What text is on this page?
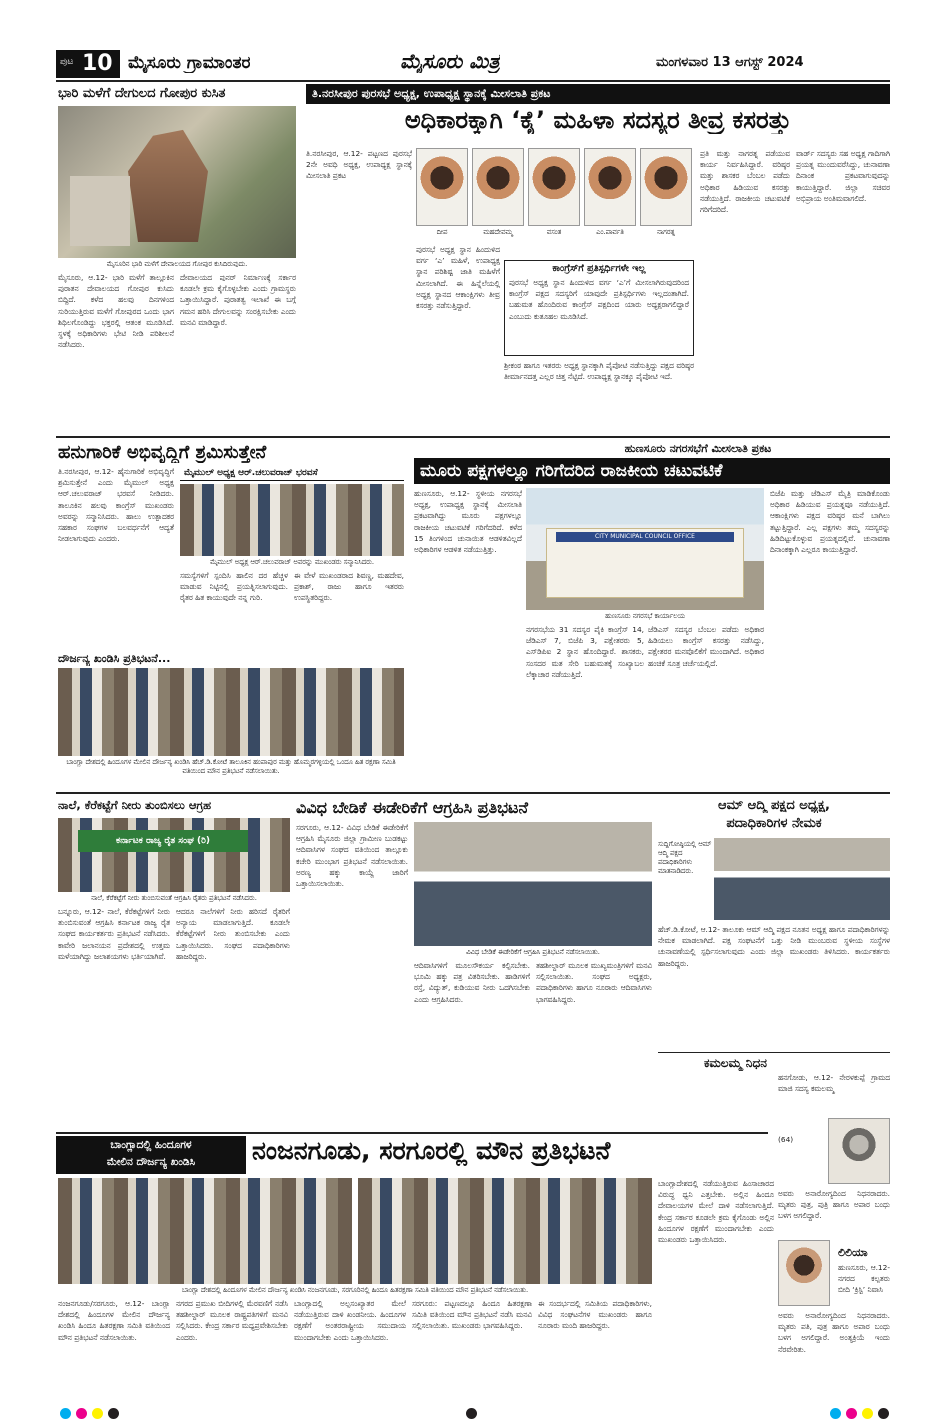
ಪುಟ 10 ಮೈಸೂರು ಗ್ರಾಮಾಂತರ	ಮೈಸೂರು ಮಿತ್ರ	ಮಂಗಳವಾರ 13 ಆಗಸ್ಟ್ 2024
ಭಾರಿ ಮಳೆಗೆ ದೇಗುಲದ ಗೋಪುರ ಕುಸಿತ
ಮೈಸೂರಿನ ಭಾರಿ ಮಳೆಗೆ ದೇವಾಲಯದ ಗೋಪುರ ಕುಸಿದಿರುವುದು.
ಮೈಸೂರು, ಆ.12- ಭಾರಿ ಮಳೆಗೆ ತಾಲ್ಲೂಕಿನ ಪುರಾತನ ದೇವಾಲಯದ ಗೋಪುರ ಕುಸಿದು ಬಿದ್ದಿದೆ. ಕಳೆದ ಹಲವು ದಿನಗಳಿಂದ ಸುರಿಯುತ್ತಿರುವ ಮಳೆಗೆ ಗೋಪುರದ ಒಂದು ಭಾಗ ಶಿಥಿಲಗೊಂಡಿದ್ದು ಭಕ್ತರಲ್ಲಿ ಆತಂಕ ಮೂಡಿಸಿದೆ. ಸ್ಥಳಕ್ಕೆ ಅಧಿಕಾರಿಗಳು ಭೇಟಿ ನೀಡಿ ಪರಿಶೀಲನೆ ನಡೆಸಿದರು.
ದೇವಾಲಯದ ಪುನರ್ ನಿರ್ಮಾಣಕ್ಕೆ ಸರ್ಕಾರ ಕೂಡಲೇ ಕ್ರಮ ಕೈಗೊಳ್ಳಬೇಕು ಎಂದು ಗ್ರಾಮಸ್ಥರು ಒತ್ತಾಯಿಸಿದ್ದಾರೆ. ಪುರಾತತ್ವ ಇಲಾಖೆ ಈ ಬಗ್ಗೆ ಗಮನ ಹರಿಸಿ ದೇಗುಲವನ್ನು ಸಂರಕ್ಷಿಸಬೇಕು ಎಂದು ಮನವಿ ಮಾಡಿದ್ದಾರೆ.
ತಿ.ನರಸೀಪುರ ಪುರಸಭೆ ಅಧ್ಯಕ್ಷ, ಉಪಾಧ್ಯಕ್ಷ ಸ್ಥಾನಕ್ಕೆ ಮೀಸಲಾತಿ ಪ್ರಕಟ
ಅಧಿಕಾರಕ್ಕಾಗಿ ‘ಕೈ’ ಮಹಿಳಾ ಸದಸ್ಯರ ತೀವ್ರ ಕಸರತ್ತು
ತಿ.ನರಸೀಪುರ, ಆ.12- ಪಟ್ಟಣದ ಪುರಸಭೆ 2ನೇ ಅವಧಿ ಅಧ್ಯಕ್ಷ, ಉಪಾಧ್ಯಕ್ಷ ಸ್ಥಾನಕ್ಕೆ ಮೀಸಲಾತಿ ಪ್ರಕಟ
ದೀಪ	ಮಹದೇವಮ್ಮ	ವಸಂತ	ಎಂ.ಪಾರ್ವತಿ	ನಾಗರತ್ನ
ಪುರಸಭೆ ಅಧ್ಯಕ್ಷ ಸ್ಥಾನ ಹಿಂದುಳಿದ ವರ್ಗ ‘ಎ’ ಮಹಿಳೆ, ಉಪಾಧ್ಯಕ್ಷ ಸ್ಥಾನ ಪರಿಶಿಷ್ಟ ಜಾತಿ ಮಹಿಳೆಗೆ ಮೀಸಲಾಗಿದೆ. ಈ ಹಿನ್ನೆಲೆಯಲ್ಲಿ ಅಧ್ಯಕ್ಷ ಸ್ಥಾನದ ಆಕಾಂಕ್ಷಿಗಳು ತೀವ್ರ ಕಸರತ್ತು ನಡೆಸುತ್ತಿದ್ದಾರೆ.
ಕಾಂಗ್ರೆಸ್‌ಗೆ ಪ್ರತಿಸ್ಪರ್ಧಿಗಳೇ ಇಲ್ಲ
ಪುರಸಭೆ ಅಧ್ಯಕ್ಷ ಸ್ಥಾನ ಹಿಂದುಳಿದ ವರ್ಗ ‘ಎ’ಗೆ ಮೀಸಲಾಗಿರುವುದರಿಂದ ಕಾಂಗ್ರೆಸ್ ಪಕ್ಷದ ಸದಸ್ಯರಿಗೆ ಯಾವುದೇ ಪ್ರತಿಸ್ಪರ್ಧಿಗಳು ಇಲ್ಲದಂತಾಗಿದೆ. ಬಹುಮತ ಹೊಂದಿರುವ ಕಾಂಗ್ರೆಸ್ ಪಕ್ಷದಿಂದ ಯಾರು ಅಧ್ಯಕ್ಷರಾಗಲಿದ್ದಾರೆ ಎಂಬುದು ಕುತೂಹಲ ಮೂಡಿಸಿದೆ.
ಶ್ರೀಕಂಠ ಹಾಗೂ ಇತರರು ಅಧ್ಯಕ್ಷ ಸ್ಥಾನಕ್ಕಾಗಿ ಪೈಪೋಟಿ ನಡೆಸುತ್ತಿದ್ದು ಪಕ್ಷದ ವರಿಷ್ಠರ ತೀರ್ಮಾನದತ್ತ ಎಲ್ಲರ ಚಿತ್ತ ನೆಟ್ಟಿದೆ. ಉಪಾಧ್ಯಕ್ಷ ಸ್ಥಾನಕ್ಕೂ ಪೈಪೋಟಿ ಇದೆ.
ಪ್ರತಿ ಮತ್ತು ನಾಗರತ್ನ ಪಡೆಯುವ ಕಾರ್ಯ ನಿರ್ವಹಿಸಿದ್ದಾರೆ. ವರಿಷ್ಠರ ಮತ್ತು ಶಾಸಕರ ಬೆಂಬಲ ಪಡೆದು ಅಧಿಕಾರ ಹಿಡಿಯುವ ಕಸರತ್ತು ನಡೆಯುತ್ತಿದೆ. ರಾಜಕೀಯ ಚಟುವಟಿಕೆ ಗರಿಗೆದರಿದೆ.
ವಾರ್ಡ್ ಸದಸ್ಯರು ಸಹ ಅಧ್ಯಕ್ಷ ಗಾದಿಗಾಗಿ ಪ್ರಯತ್ನ ಮುಂದುವರೆಸಿದ್ದು, ಚುನಾವಣಾ ದಿನಾಂಕ ಪ್ರಕಟವಾಗುವುದನ್ನು ಕಾಯುತ್ತಿದ್ದಾರೆ. ಜಿಲ್ಲಾ ಸಚಿವರ ಅಭಿಪ್ರಾಯ ಅಂತಿಮವಾಗಲಿದೆ.
ಹನುಗಾರಿಕೆ ಅಭಿವೃದ್ಧಿಗೆ ಶ್ರಮಿಸುತ್ತೇನೆ
ತಿ.ನರಸೀಪುರ, ಆ.12- ಹೈನುಗಾರಿಕೆ ಅಭಿವೃದ್ಧಿಗೆ ಶ್ರಮಿಸುತ್ತೇನೆ ಎಂದು ಮೈಮುಲ್ ಅಧ್ಯಕ್ಷ ಆರ್.ಚಲುವರಾಜ್ ಭರವಸೆ ನೀಡಿದರು. ತಾಲೂಕಿನ ಹಲವು ಕಾಂಗ್ರೆಸ್ ಮುಖಂಡರು ಅವರನ್ನು ಸನ್ಮಾನಿಸಿದರು. ಹಾಲು ಉತ್ಪಾದಕರ ಸಹಕಾರ ಸಂಘಗಳ ಬಲವರ್ಧನೆಗೆ ಆದ್ಯತೆ ನೀಡಲಾಗುವುದು ಎಂದರು.
ಮೈಮುಲ್ ಅಧ್ಯಕ್ಷ ಆರ್.ಚಲುವರಾಜ್ ಭರವಸೆ
ಮೈಮುಲ್ ಅಧ್ಯಕ್ಷ ಆರ್.ಚಲುವರಾಜ್ ಅವರನ್ನು ಮುಖಂಡರು ಸನ್ಮಾನಿಸಿದರು.
ಸಮಸ್ಯೆಗಳಿಗೆ ಸ್ಪಂದಿಸಿ ಹಾಲಿನ ದರ ಹೆಚ್ಚಳ ಮಾಡುವ ನಿಟ್ಟಿನಲ್ಲಿ ಪ್ರಯತ್ನಿಸಲಾಗುವುದು. ರೈತರ ಹಿತ ಕಾಯುವುದೇ ನನ್ನ ಗುರಿ.
ಈ ವೇಳೆ ಮುಖಂಡರಾದ ಶಿವಣ್ಣ, ಮಹದೇವ, ಪ್ರಕಾಶ್, ರಾಜು ಹಾಗೂ ಇತರರು ಉಪಸ್ಥಿತರಿದ್ದರು.
ದೌರ್ಜನ್ಯ ಖಂಡಿಸಿ ಪ್ರತಿಭಟನೆ...
ಬಾಂಗ್ಲಾ ದೇಶದಲ್ಲಿ ಹಿಂದೂಗಳ ಮೇಲಿನ ದೌರ್ಜನ್ಯ ಖಂಡಿಸಿ ಹೆಚ್.ಡಿ.ಕೋಟೆ ತಾಲೂಕಿನ ಹಂಪಾಪುರ ಮತ್ತು ಹೊಮ್ಮರಗಳ್ಳಿಯಲ್ಲಿ ಒಂದೂ ಹಿತ ರಕ್ಷಣಾ ಸಮಿತಿ ವತಿಯಿಂದ ಮೌನ ಪ್ರತಿಭಟನೆ ನಡೆಸಲಾಯಿತು.
ಹುಣಸೂರು ನಗರಸಭೆಗೆ ಮೀಸಲಾತಿ ಪ್ರಕಟ
ಮೂರು ಪಕ್ಷಗಳಲ್ಲೂ ಗರಿಗೆದರಿದ ರಾಜಕೀಯ ಚಟುವಟಿಕೆ
ಹುಣಸೂರು, ಆ.12- ಸ್ಥಳೀಯ ನಗರಸಭೆ ಅಧ್ಯಕ್ಷ, ಉಪಾಧ್ಯಕ್ಷ ಸ್ಥಾನಕ್ಕೆ ಮೀಸಲಾತಿ ಪ್ರಕಟವಾಗಿದ್ದು ಮೂರು ಪಕ್ಷಗಳಲ್ಲೂ ರಾಜಕೀಯ ಚಟುವಟಿಕೆ ಗರಿಗೆದರಿದೆ. ಕಳೆದ 15 ತಿಂಗಳಿಂದ ಚುನಾಯಿತ ಆಡಳಿತವಿಲ್ಲದೆ ಅಧಿಕಾರಿಗಳ ಆಡಳಿತ ನಡೆಯುತ್ತಿತ್ತು.
CITY MUNICIPAL COUNCIL OFFICE
ಹುಣಸೂರು ನಗರಸಭೆ ಕಾರ್ಯಾಲಯ
ನಗರಸಭೆಯ 31 ಸದಸ್ಯರ ಪೈಕಿ ಕಾಂಗ್ರೆಸ್ 14, ಜೆಡಿಎಸ್ 7, ಬಿಜೆಪಿ 3, ಪಕ್ಷೇತರರು 5, ಎಸ್‌ಡಿಪಿಐ 2 ಸ್ಥಾನ ಹೊಂದಿದ್ದಾರೆ. ಶಾಸಕರು, ಸಂಸದರ ಮತ ಸೇರಿ ಬಹುಮತಕ್ಕೆ ಸಂಖ್ಯಾಬಲ ಲೆಕ್ಕಾಚಾರ ನಡೆಯುತ್ತಿದೆ.
ಜೆಡಿಎಸ್ ಸದಸ್ಯರ ಬೆಂಬಲ ಪಡೆದು ಅಧಿಕಾರ ಹಿಡಿಯಲು ಕಾಂಗ್ರೆಸ್ ಕಸರತ್ತು ನಡೆಸಿದ್ದು, ಪಕ್ಷೇತರರ ಮನವೊಲಿಕೆಗೆ ಮುಂದಾಗಿದೆ. ಅಧಿಕಾರ ಹಂಚಿಕೆ ಸೂತ್ರ ಚರ್ಚೆಯಲ್ಲಿದೆ.
ಬಿಜೆಪಿ ಮತ್ತು ಜೆಡಿಎಸ್ ಮೈತ್ರಿ ಮಾಡಿಕೊಂಡು ಅಧಿಕಾರ ಹಿಡಿಯುವ ಪ್ರಯತ್ನವೂ ನಡೆಯುತ್ತಿದೆ. ಆಕಾಂಕ್ಷಿಗಳು ಪಕ್ಷದ ವರಿಷ್ಠರ ಮನೆ ಬಾಗಿಲು ತಟ್ಟುತ್ತಿದ್ದಾರೆ. ಎಲ್ಲ ಪಕ್ಷಗಳು ತಮ್ಮ ಸದಸ್ಯರನ್ನು ಹಿಡಿದಿಟ್ಟುಕೊಳ್ಳುವ ಪ್ರಯತ್ನದಲ್ಲಿವೆ. ಚುನಾವಣಾ ದಿನಾಂಕಕ್ಕಾಗಿ ಎಲ್ಲರೂ ಕಾಯುತ್ತಿದ್ದಾರೆ.
ನಾಲೆ, ಕೆರೆಕಟ್ಟೆಗೆ ನೀರು ತುಂಬಿಸಲು ಆಗ್ರಹ
ಕರ್ನಾಟಕ ರಾಜ್ಯ ರೈತ ಸಂಘ (ರಿ)
ನಾಲೆ, ಕೆರೆಕಟ್ಟೆಗೆ ನೀರು ತುಂಬಿಸುವಂತೆ ಆಗ್ರಹಿಸಿ ರೈತರು ಪ್ರತಿಭಟನೆ ನಡೆಸಿದರು.
ಬನ್ನೂರು, ಆ.12- ನಾಲೆ, ಕೆರೆಕಟ್ಟೆಗಳಿಗೆ ನೀರು ತುಂಬಿಸುವಂತೆ ಆಗ್ರಹಿಸಿ ಕರ್ನಾಟಕ ರಾಜ್ಯ ರೈತ ಸಂಘದ ಕಾರ್ಯಕರ್ತರು ಪ್ರತಿಭಟನೆ ನಡೆಸಿದರು. ಕಾವೇರಿ ಜಲಾನಯನ ಪ್ರದೇಶದಲ್ಲಿ ಉತ್ತಮ ಮಳೆಯಾಗಿದ್ದು ಜಲಾಶಯಗಳು ಭರ್ತಿಯಾಗಿವೆ.
ಆದರೂ ನಾಲೆಗಳಿಗೆ ನೀರು ಹರಿಸದೆ ರೈತರಿಗೆ ಅನ್ಯಾಯ ಮಾಡಲಾಗುತ್ತಿದೆ. ಕೂಡಲೇ ಕೆರೆಕಟ್ಟೆಗಳಿಗೆ ನೀರು ತುಂಬಿಸಬೇಕು ಎಂದು ಒತ್ತಾಯಿಸಿದರು. ಸಂಘದ ಪದಾಧಿಕಾರಿಗಳು ಹಾಜರಿದ್ದರು.
ವಿವಿಧ ಬೇಡಿಕೆ ಈಡೇರಿಕೆಗೆ ಆಗ್ರಹಿಸಿ ಪ್ರತಿಭಟನೆ
ಸರಗೂರು, ಆ.12- ವಿವಿಧ ಬೇಡಿಕೆ ಈಡೇರಿಕೆಗೆ ಆಗ್ರಹಿಸಿ ಮೈಸೂರು ಜಿಲ್ಲಾ ಗ್ರಾಮೀಣ ಬುಡಕಟ್ಟು ಆದಿವಾಸಿಗಳ ಸಂಘದ ವತಿಯಿಂದ ತಾಲ್ಲೂಕು ಕಚೇರಿ ಮುಂಭಾಗ ಪ್ರತಿಭಟನೆ ನಡೆಸಲಾಯಿತು. ಅರಣ್ಯ ಹಕ್ಕು ಕಾಯ್ದೆ ಜಾರಿಗೆ ಒತ್ತಾಯಿಸಲಾಯಿತು.
ವಿವಿಧ ಬೇಡಿಕೆ ಈಡೇರಿಕೆಗೆ ಆಗ್ರಹಿಸಿ ಪ್ರತಿಭಟನೆ ನಡೆಸಲಾಯಿತು.
ಆದಿವಾಸಿಗಳಿಗೆ ಮೂಲಸೌಕರ್ಯ ಕಲ್ಪಿಸಬೇಕು. ಭೂಮಿ ಹಕ್ಕು ಪತ್ರ ವಿತರಿಸಬೇಕು. ಹಾಡಿಗಳಿಗೆ ರಸ್ತೆ, ವಿದ್ಯುತ್, ಕುಡಿಯುವ ನೀರು ಒದಗಿಸಬೇಕು ಎಂದು ಆಗ್ರಹಿಸಿದರು.
ತಹಶೀಲ್ದಾರ್ ಮೂಲಕ ಮುಖ್ಯಮಂತ್ರಿಗಳಿಗೆ ಮನವಿ ಸಲ್ಲಿಸಲಾಯಿತು. ಸಂಘದ ಅಧ್ಯಕ್ಷರು, ಪದಾಧಿಕಾರಿಗಳು ಹಾಗೂ ನೂರಾರು ಆದಿವಾಸಿಗಳು ಭಾಗವಹಿಸಿದ್ದರು.
ಆಮ್ ಆದ್ಮಿ ಪಕ್ಷದ ಅಧ್ಯಕ್ಷ,
ಪದಾಧಿಕಾರಿಗಳ ನೇಮಕ
ಸುದ್ದಿಗೋಷ್ಠಿಯಲ್ಲಿ ಆಮ್ ಆದ್ಮಿ ಪಕ್ಷದ ಪದಾಧಿಕಾರಿಗಳು ಮಾತನಾಡಿದರು.
ಹೆಚ್.ಡಿ.ಕೋಟೆ, ಆ.12- ತಾಲೂಕು ಆಮ್ ಆದ್ಮಿ ಪಕ್ಷದ ನೂತನ ಅಧ್ಯಕ್ಷ ಹಾಗೂ ಪದಾಧಿಕಾರಿಗಳನ್ನು ನೇಮಕ ಮಾಡಲಾಗಿದೆ. ಪಕ್ಷ ಸಂಘಟನೆಗೆ ಒತ್ತು ನೀಡಿ ಮುಂಬರುವ ಸ್ಥಳೀಯ ಸಂಸ್ಥೆಗಳ ಚುನಾವಣೆಯಲ್ಲಿ ಸ್ಪರ್ಧಿಸಲಾಗುವುದು ಎಂದು ಜಿಲ್ಲಾ ಮುಖಂಡರು ತಿಳಿಸಿದರು. ಕಾರ್ಯಕರ್ತರು ಹಾಜರಿದ್ದರು.
ಕಮಲಮ್ಮ ನಿಧನ
ಹನಗೋಡು, ಆ.12- ನೇರಳಕುಪ್ಪೆ ಗ್ರಾಮದ ಮಾಜಿ ಸದಸ್ಯ ಕಮಲಮ್ಮ
(64)
ಅವರು ಅನಾರೋಗ್ಯದಿಂದ ನಿಧನರಾದರು. ಮೃತರು ಪುತ್ರ, ಪುತ್ರಿ ಹಾಗೂ ಅಪಾರ ಬಂಧು ಬಳಗ ಅಗಲಿದ್ದಾರೆ.
ಬಾಂಗ್ಲಾದಲ್ಲಿ ಹಿಂದೂಗಳ
ಮೇಲಿನ ದೌರ್ಜನ್ಯ ಖಂಡಿಸಿ	ನಂಜನಗೂಡು, ಸರಗೂರಲ್ಲಿ ಮೌನ ಪ್ರತಿಭಟನೆ
ಬಾಂಗ್ಲಾ ದೇಶದಲ್ಲಿ ಹಿಂದೂಗಳ ಮೇಲಿನ ದೌರ್ಜನ್ಯ ಖಂಡಿಸಿ ನಂಜನಗೂಡು, ಸರಗೂರಿನಲ್ಲಿ ಹಿಂದೂ ಹಿತರಕ್ಷಣಾ ಸಮಿತಿ ವತಿಯಿಂದ ಮೌನ ಪ್ರತಿಭಟನೆ ನಡೆಸಲಾಯಿತು.
ನಂಜನಗೂಡು/ಸರಗೂರು, ಆ.12- ಬಾಂಗ್ಲಾ ದೇಶದಲ್ಲಿ ಹಿಂದೂಗಳ ಮೇಲಿನ ದೌರ್ಜನ್ಯ ಖಂಡಿಸಿ ಹಿಂದೂ ಹಿತರಕ್ಷಣಾ ಸಮಿತಿ ವತಿಯಿಂದ ಮೌನ ಪ್ರತಿಭಟನೆ ನಡೆಸಲಾಯಿತು.
ನಗರದ ಪ್ರಮುಖ ಬೀದಿಗಳಲ್ಲಿ ಮೆರವಣಿಗೆ ನಡೆಸಿ ತಹಶೀಲ್ದಾರ್ ಮೂಲಕ ರಾಷ್ಟ್ರಪತಿಗಳಿಗೆ ಮನವಿ ಸಲ್ಲಿಸಿದರು. ಕೇಂದ್ರ ಸರ್ಕಾರ ಮಧ್ಯಪ್ರವೇಶಿಸಬೇಕು ಎಂದರು.
ಬಾಂಗ್ಲಾದಲ್ಲಿ ಅಲ್ಪಸಂಖ್ಯಾತರ ಮೇಲೆ ನಡೆಯುತ್ತಿರುವ ದಾಳಿ ಖಂಡನೀಯ. ಹಿಂದೂಗಳ ರಕ್ಷಣೆಗೆ ಅಂತರರಾಷ್ಟ್ರೀಯ ಸಮುದಾಯ ಮುಂದಾಗಬೇಕು ಎಂದು ಒತ್ತಾಯಿಸಿದರು.
ಸರಗೂರು: ಪಟ್ಟಣದಲ್ಲೂ ಹಿಂದೂ ಹಿತರಕ್ಷಣಾ ಸಮಿತಿ ವತಿಯಿಂದ ಮೌನ ಪ್ರತಿಭಟನೆ ನಡೆಸಿ ಮನವಿ ಸಲ್ಲಿಸಲಾಯಿತು. ಮುಖಂಡರು ಭಾಗವಹಿಸಿದ್ದರು.
ಈ ಸಂದರ್ಭದಲ್ಲಿ ಸಮಿತಿಯ ಪದಾಧಿಕಾರಿಗಳು, ವಿವಿಧ ಸಂಘಟನೆಗಳ ಮುಖಂಡರು ಹಾಗೂ ನೂರಾರು ಮಂದಿ ಹಾಜರಿದ್ದರು.
ಬಾಂಗ್ಲಾದೇಶದಲ್ಲಿ ನಡೆಯುತ್ತಿರುವ ಹಿಂಸಾಚಾರದ ವಿರುದ್ಧ ಧ್ವನಿ ಎತ್ತಬೇಕು. ಅಲ್ಲಿನ ಹಿಂದೂ ದೇವಾಲಯಗಳ ಮೇಲೆ ದಾಳಿ ನಡೆಸಲಾಗುತ್ತಿದೆ. ಕೇಂದ್ರ ಸರ್ಕಾರ ಕೂಡಲೇ ಕ್ರಮ ಕೈಗೊಂಡು ಅಲ್ಲಿನ ಹಿಂದೂಗಳ ರಕ್ಷಣೆಗೆ ಮುಂದಾಗಬೇಕು ಎಂದು ಮುಖಂಡರು ಒತ್ತಾಯಿಸಿದರು.
ಲಿಲಿಯಾ
ಹುಣಸೂರು, ಆ.12- ನಗರದ ಕಲ್ಪತರು ಬೀದಿ ‘ಕ್ರಿಸ್ಟಿ’ ನಿವಾಸಿ
ಅವರು ಅನಾರೋಗ್ಯದಿಂದ ನಿಧನರಾದರು. ಮೃತರು ಪತಿ, ಪುತ್ರ ಹಾಗೂ ಅಪಾರ ಬಂಧು ಬಳಗ ಅಗಲಿದ್ದಾರೆ. ಅಂತ್ಯಕ್ರಿಯೆ ಇಂದು ನೆರವೇರಿತು.
